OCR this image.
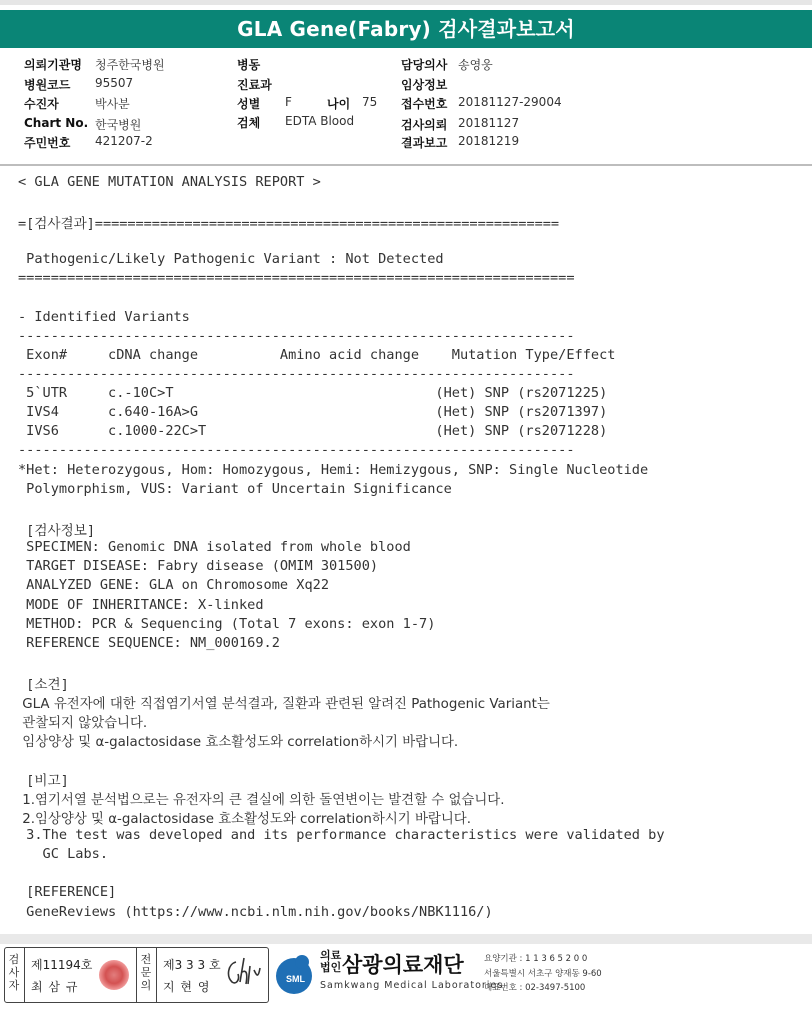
GLA Gene(Fabry) 검사결과보고서
의뢰기관명 청주한국병원
병원코드 95507
수진자	박사분
Chart No. 한국병원
주민번호 421207-2
병동
진료과
성별 F	나이 75
검체 EDTA Blood
담당의사 송영웅
임상정보
접수번호 20181127-29004
검사의뢰 20181127
결과보고 20181219
< GLA GENE MUTATION ANALYSIS REPORT >
=[검사결과]=========================================================
Pathogenic/Likely Pathogenic Variant : Not Detected
====================================================================
- Identified Variants
--------------------------------------------------------------------
Exon#     cDNA change          Amino acid change    Mutation Type/Effect
--------------------------------------------------------------------
5`UTR     c.-10C>T                                (Het) SNP (rs2071225)
IVS4      c.640-16A>G                             (Het) SNP (rs2071397)
IVS6      c.1000-22C>T                            (Het) SNP (rs2071228)
--------------------------------------------------------------------
*Het: Heterozygous, Hom: Homozygous, Hemi: Hemizygous, SNP: Single Nucleotide
Polymorphism, VUS: Variant of Uncertain Significance
[검사정보]
SPECIMEN: Genomic DNA isolated from whole blood
TARGET DISEASE: Fabry disease (OMIM 301500)
ANALYZED GENE: GLA on Chromosome Xq22
MODE OF INHERITANCE: X-linked
METHOD: PCR & Sequencing (Total 7 exons: exon 1-7)
REFERENCE SEQUENCE: NM_000169.2
[소견]
GLA 유전자에 대한 직접염기서열 분석결과, 질환과 관련된 알려진 Pathogenic Variant는
관찰되지 않았습니다.
임상양상 및 α-galactosidase 효소활성도와 correlation하시기 바랍니다.
[비고]
1.염기서열 분석법으로는 유전자의 큰 결실에 의한 돌연변이는 발견할 수 없습니다.
2.임상양상 및 α-galactosidase 효소활성도와 correlation하시기 바랍니다.
3.The test was developed and its performance characteristics were validated by
GC Labs.
[REFERENCE]
GeneReviews (https://www.ncbi.nlm.nih.gov/books/NBK1116/)
검
사
자
제11194호
최 삼 규
전
문
의
제3 3 3 호
지 현 영
SML
의료
법인 삼광의료재단
Samkwang Medical Laboratories
요양기관 : 1 1 3 6 5 2 0 0
서울특별시 서초구 양재동 9-60
대표번호 : 02-3497-5100
